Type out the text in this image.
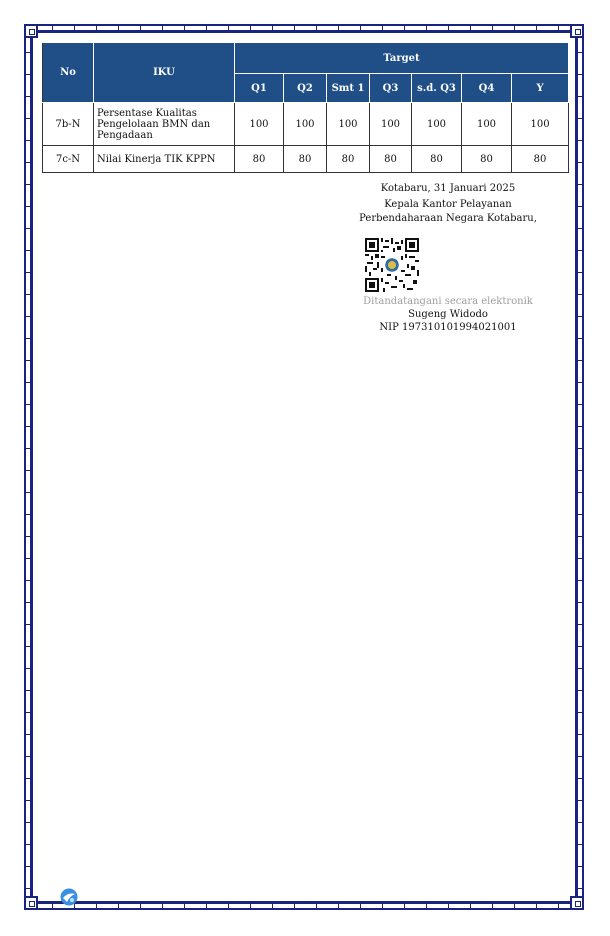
No	IKU	Target						
		Q1	Q2	Smt 1	Q3	s.d. Q3	Q4	Y
7b-N	Persentase Kualitas
Pengelolaan BMN dan
Pengadaan	100	100	100	100	100	100	100
7c-N	Nilai Kinerja TIK KPPN	80	80	80	80	80	80	80
Kotabaru, 31 Januari 2025
Kepala Kantor Pelayanan
Perbendaharaan Negara Kotabaru,
Ditandatangani secara elektronik
Sugeng Widodo
NIP 197310101994021001
